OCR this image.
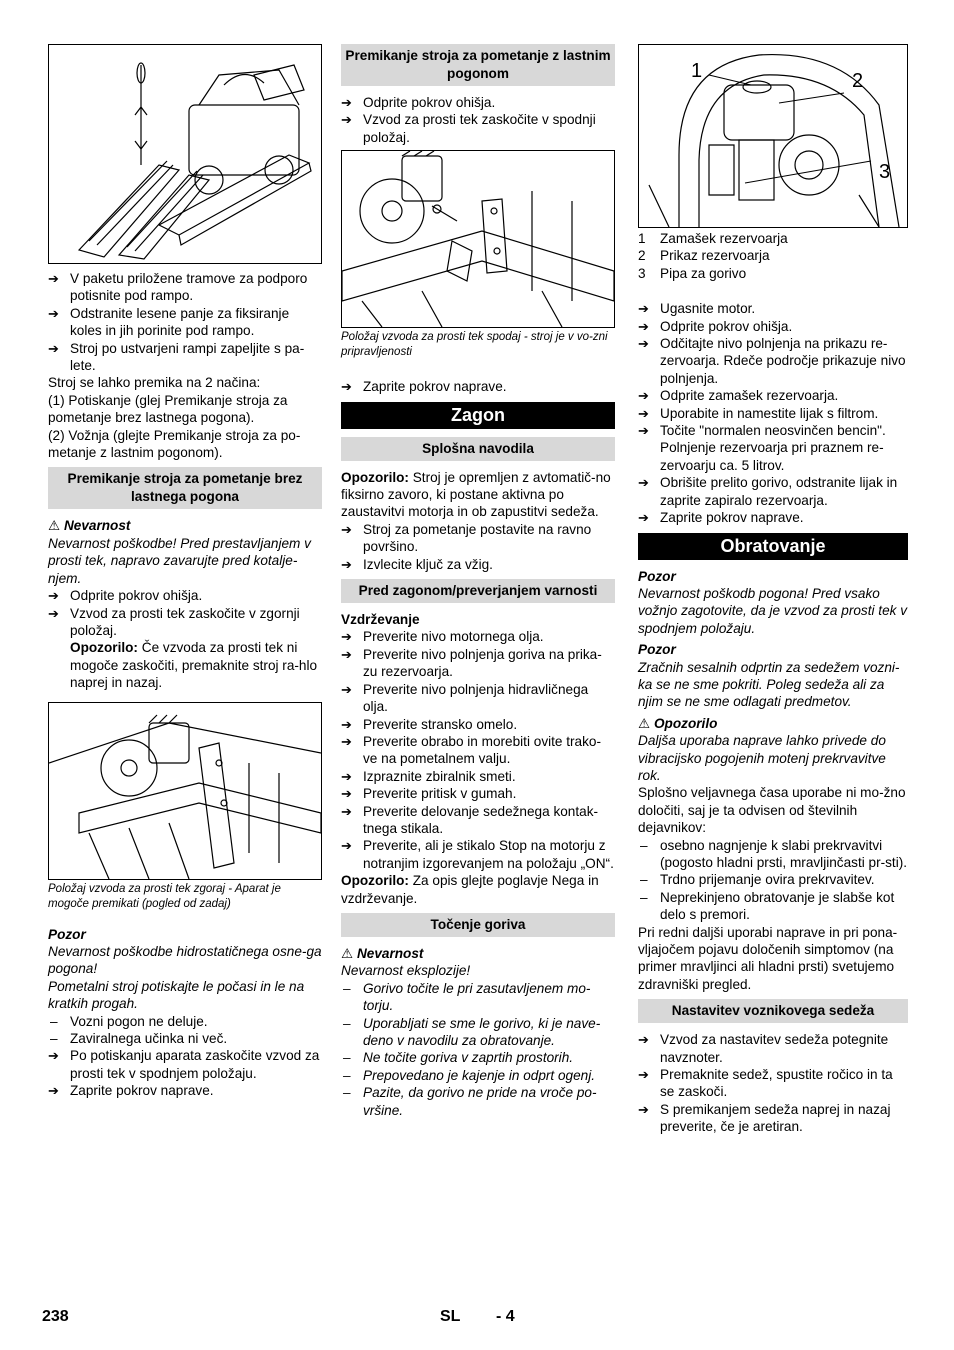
➔ V paketu priložene tramove za podporo potisnite pod rampo.
➔ Odstranite lesene panje za fiksiranje koles in jih porinite pod rampo.
➔ Stroj po ustvarjeni rampi zapeljite s pa-lete.

Stroj se lahko premika na 2 načina:

(1) Potiskanje (glej Premikanje stroja za pometanje brez lastnega pogona).

(2) Vožnja (glejte Premikanje stroja za po-metanje z lastnim pogonom).

Premikanje stroja za pometanje brez lastnega pogona

⚠ Nevarnost

Nevarnost poškodbe! Pred prestavljanjem v prosti tek, napravo zavarujte pred kotalje-njem.

➔ Odprite pokrov ohišja.
➔ Vzvod za prosti tek zaskočite v zgornji položaj.

Opozorilo: Če vzvoda za prosti tek ni mogoče zaskočiti, premaknite stroj ra-hlo naprej in nazaj.

Položaj vzvoda za prosti tek zgoraj - Aparat je mogoče premikati (pogled od zadaj)

Pozor

Nevarnost poškodbe hidrostatičnega osne-ga pogona!

Pometalni stroj potiskajte le počasi in le na kratkih progah.

– Vozni pogon ne deluje.
– Zaviralnega učinka ni več.
➔ Po potiskanju aparata zaskočite vzvod za prosti tek v spodnjem položaju.
➔ Zaprite pokrov naprave.
Premikanje stroja za pometanje z lastnim pogonom
➔ Odprite pokrov ohišja.
➔ Vzvod za prosti tek zaskočite v spodnji položaj.

Položaj vzvoda za prosti tek spodaj - stroj je v vo-zni pripravljenosti

➔ Zaprite pokrov naprave.
Zagon
Splošna navodila

Opozorilo: Stroj je opremljen z avtomatič-no fiksirno zavoro, ki postane aktivna po zaustavitvi motorja in ob zapustitvi sedeža.

➔ Stroj za pometanje postavite na ravno površino.
➔ Izvlecite ključ za vžig.
Pred zagonom/preverjanjem varnosti

Vzdrževanje

➔ Preverite nivo motornega olja.
➔ Preverite nivo polnjenja goriva na prika-zu rezervoarja.
➔ Preverite nivo polnjenja hidravličnega olja.
➔ Preverite stransko omelo.
➔ Preverite obrabo in morebiti ovite trako-ve na pometalnem valju.
➔ Izpraznite zbiralnik smeti.
➔ Preverite pritisk v gumah.
➔ Preverite delovanje sedežnega kontak-tnega stikala.
➔ Preverite, ali je stikalo Stop na motorju z notranjim izgorevanjem na položaju „ON“.

Opozorilo: Za opis glejte poglavje Nega in vzdrževanje.

Točenje goriva

⚠ Nevarnost

Nevarnost eksplozije!

– Gorivo točite le pri zasutavljenem mo-torju.
– Uporabljati se sme le gorivo, ki je nave-deno v navodilu za obratovanje.
– Ne točite goriva v zaprtih prostorih.
– Prepovedano je kajenje in odprt ogenj.
– Pazite, da gorivo ne pride na vroče po-vršine.
1	2
3
1 Zamašek rezervoarja
2 Prikaz rezervoarja
3 Pipa za gorivo
➔ Ugasnite motor.
➔ Odprite pokrov ohišja.
➔ Odčitajte nivo polnjenja na prikazu re-zervoarja. Rdeče področje prikazuje nivo polnjenja.
➔ Odprite zamašek rezervoarja.
➔ Uporabite in namestite lijak s filtrom.
➔ Točite "normalen neosvinčen bencin". Polnjenje rezervoarja pri praznem re-zervoarju ca. 5 litrov.
➔ Obrišite prelito gorivo, odstranite lijak in zaprite zapiralo rezervoarja.
➔ Zaprite pokrov naprave.
Obratovanje

Pozor

Nevarnost poškodb pogona! Pred vsako vožnjo zagotovite, da je vzvod za prosti tek v spodnjem položaju.

Pozor

Zračnih sesalnih odprtin za sedežem vozni-ka se ne sme pokriti. Poleg sedeža ali za njim se ne sme odlagati predmetov.

⚠ Opozorilo

Daljša uporaba naprave lahko privede do vibracijsko pogojenih motenj prekrvavitve rok.

Splošno veljavnega časa uporabe ni mo-žno določiti, saj je ta odvisen od številnih dejavnikov:

– osebno nagnjenje k slabi prekrvavitvi (pogosto hladni prsti, mravljinčasti pr-sti).
– Trdno prijemanje ovira prekrvavitev.
– Neprekinjeno obratovanje je slabše kot delo s premori.

Pri redni daljši uporabi naprave in pri pona-vljajočem pojavu določenih simptomov (na primer mravljinci ali hladni prsti) svetujemo zdravniški pregled.

Nastavitev voznikovega sedeža
➔ Vzvod za nastavitev sedeža potegnite navznoter.
➔ Premaknite sedež, spustite ročico in ta se zaskoči.
➔ S premikanjem sedeža naprej in nazaj preverite, če je aretiran.
238	SL - 4
